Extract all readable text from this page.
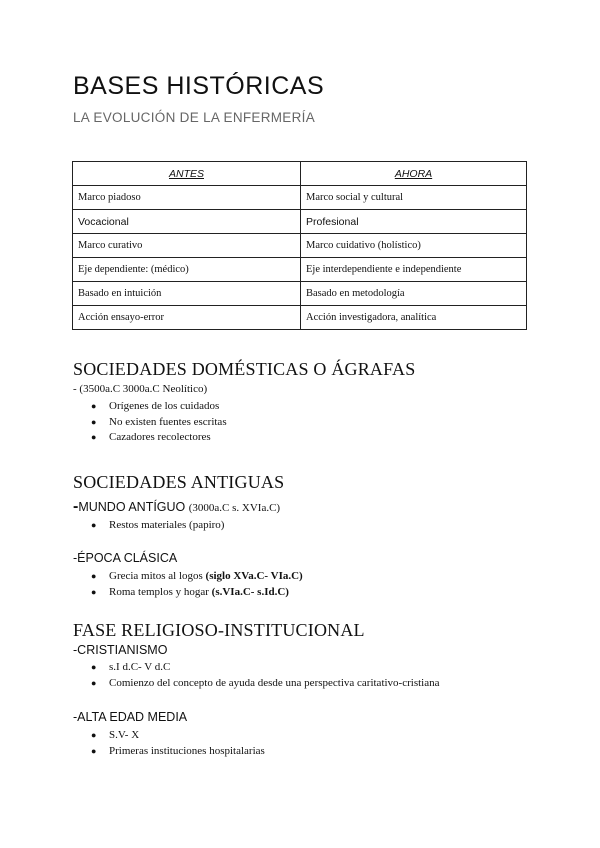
BASES HISTÓRICAS
LA EVOLUCIÓN DE LA ENFERMERÍA
ANTES	AHORA
Marco piadoso	Marco social y cultural
Vocacional	Profesional
Marco curativo	Marco cuidativo (holístico)
Eje dependiente: (médico)	Eje interdependiente e independiente
Basado en intuición	Basado en metodología
Acción ensayo-error	Acción investigadora, analítica
SOCIEDADES DOMÉSTICAS O ÁGRAFAS
- (3500a.C 3000a.C Neolítico)
● Orígenes de los cuidados
● No existen fuentes escritas
● Cazadores recolectores
SOCIEDADES ANTIGUAS
-MUNDO ANTÍGUO (3000a.C s. XVIa.C)
● Restos materiales (papiro)
-ÉPOCA CLÁSICA
● Grecia mitos al logos (siglo XVa.C- VIa.C)
● Roma templos y hogar (s.VIa.C- s.Id.C)
FASE RELIGIOSO-INSTITUCIONAL
-CRISTIANISMO
● s.I d.C- V d.C
● Comienzo del concepto de ayuda desde una perspectiva caritativo-cristiana
-ALTA EDAD MEDIA
● S.V- X
● Primeras instituciones hospitalarias
